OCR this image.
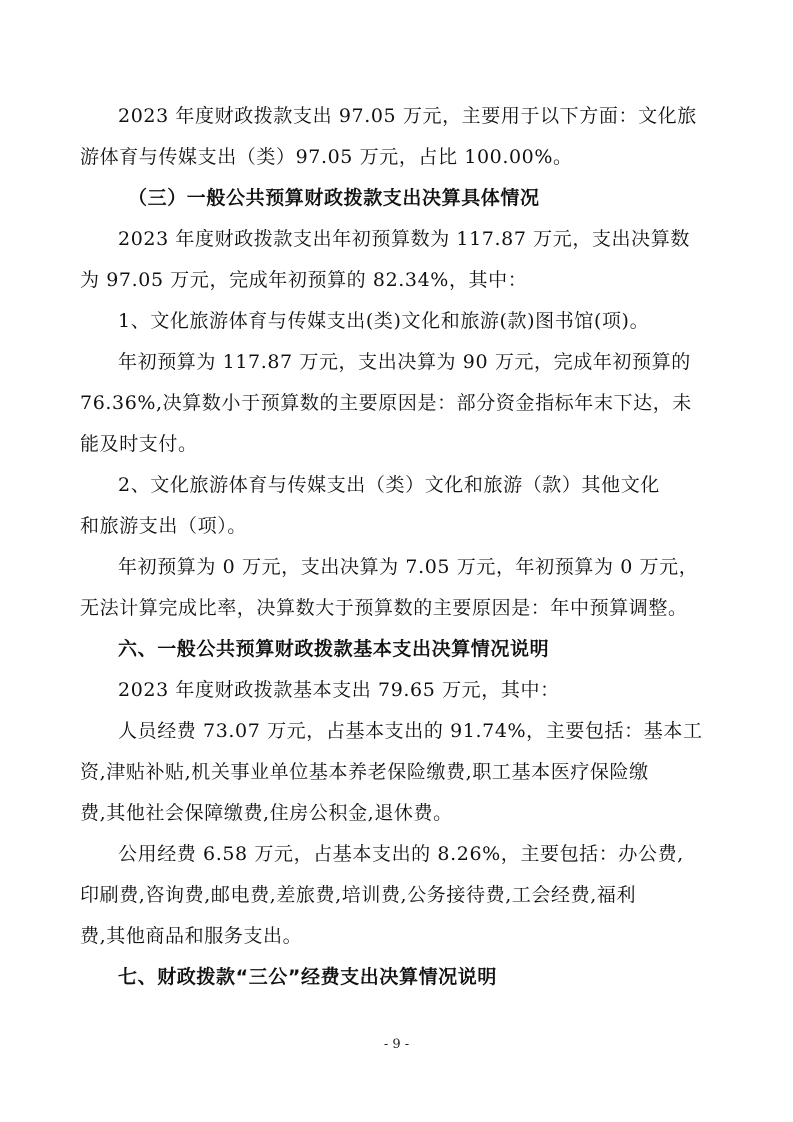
2023 年度财政拨款支出 97.05 万元，主要用于以下方面：文化旅
游体育与传媒支出（类）97.05 万元，占比 100.00%。

（三）一般公共预算财政拨款支出决算具体情况

2023 年度财政拨款支出年初预算数为 117.87 万元，支出决算数
为 97.05 万元，完成年初预算的 82.34%，其中：

1、文化旅游体育与传媒支出(类)文化和旅游(款)图书馆(项)。

年初预算为 117.87 万元，支出决算为 90 万元，完成年初预算的
76.36%,决算数小于预算数的主要原因是：部分资金指标年末下达，未
能及时支付。

2、文化旅游体育与传媒支出（类）文化和旅游（款）其他文化
和旅游支出（项）。

年初预算为 0 万元，支出决算为 7.05 万元，年初预算为 0 万元，
无法计算完成比率，决算数大于预算数的主要原因是：年中预算调整。

六、一般公共预算财政拨款基本支出决算情况说明

2023 年度财政拨款基本支出 79.65 万元，其中：

人员经费 73.07 万元，占基本支出的 91.74%，主要包括：基本工
资,津贴补贴,机关事业单位基本养老保险缴费,职工基本医疗保险缴
费,其他社会保障缴费,住房公积金,退休费。

公用经费 6.58 万元，占基本支出的 8.26%，主要包括：办公费,
印刷费,咨询费,邮电费,差旅费,培训费,公务接待费,工会经费,福利
费,其他商品和服务支出。

七、财政拨款“三公”经费支出决算情况说明

- 9 -
